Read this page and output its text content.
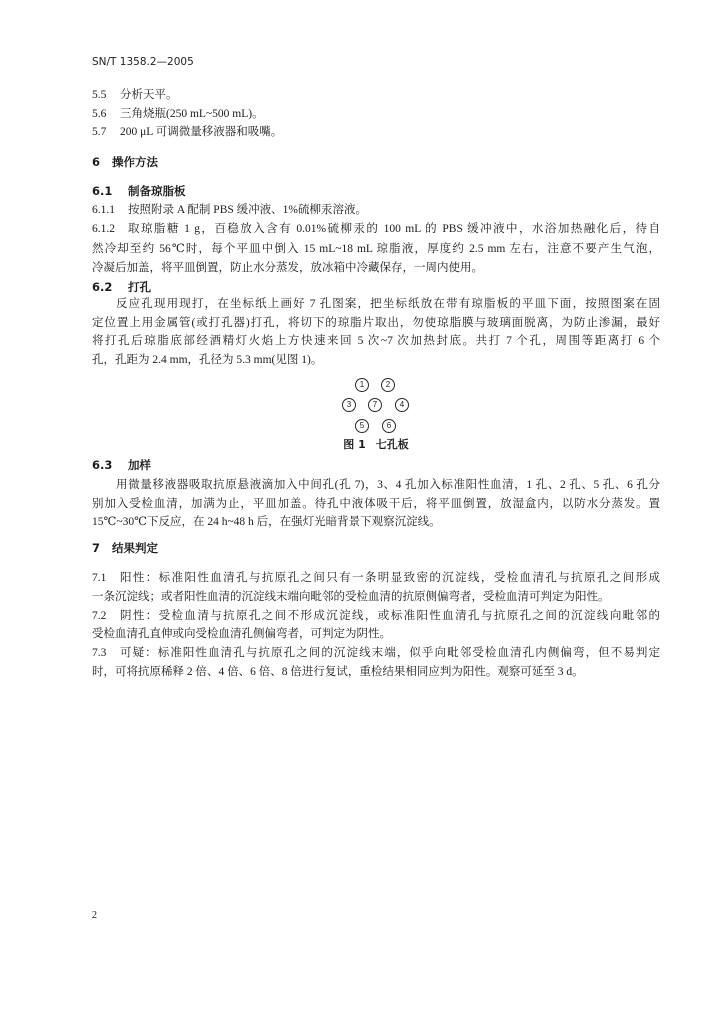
SN/T 1358.2—2005
5.5	分析天平。
5.6	三角烧瓶(250 mL~500 mL)。
5.7	200 μL 可调微量移液器和吸嘴。
6	操作方法
6.1	制备琼脂板
6.1.1	按照附录 A 配制 PBS 缓冲液、1%硫柳汞溶液。
6.1.2	取琼脂糖 1 g，百稳放入含有 0.01%硫柳汞的 100 mL 的 PBS 缓冲液中，水浴加热融化后，待自
然冷却至约 56℃时，每个平皿中倒入 15 mL~18 mL 琼脂液，厚度约 2.5 mm 左右，注意不要产生气泡，
冷凝后加盖，将平皿倒置，防止水分蒸发，放冰箱中冷藏保存，一周内使用。
6.2	打孔
反应孔现用现打，在坐标纸上画好 7 孔图案，把坐标纸放在带有琼脂板的平皿下面，按照图案在固
定位置上用金属管(或打孔器)打孔，将切下的琼脂片取出，勿使琼脂膜与玻璃面脱离，为防止渗漏，最好
将打孔后琼脂底部经酒精灯火焰上方快速来回 5 次~7 次加热封底。共打 7 个孔，周围等距离打 6 个
孔，孔距为 2.4 mm，孔径为 5.3 mm(见图 1)。
1	2
3	7	4
5	6
图 1 七孔板
6.3	加样
用微量移液器吸取抗原悬液滴加入中间孔(孔 7)，3、4 孔加入标准阳性血清，1 孔、2 孔、5 孔、6 孔分
别加入受检血清，加满为止，平皿加盖。待孔中液体吸干后，将平皿倒置，放湿盒内，以防水分蒸发。置
15℃~30℃下反应，在 24 h~48 h 后，在强灯光暗背景下观察沉淀线。
7	结果判定
7.1	阳性：标准阳性血清孔与抗原孔之间只有一条明显致密的沉淀线，受检血清孔与抗原孔之间形成
一条沉淀线；或者阳性血清的沉淀线末端向毗邻的受检血清的抗原侧偏弯者，受检血清可判定为阳性。
7.2	阴性：受检血清与抗原孔之间不形成沉淀线，或标准阳性血清孔与抗原孔之间的沉淀线向毗邻的
受检血清孔直伸或向受检血清孔侧偏弯者，可判定为阴性。
7.3	可疑：标准阳性血清孔与抗原孔之间的沉淀线末端，似乎向毗邻受检血清孔内侧偏弯，但不易判定
时，可将抗原稀释 2 倍、4 倍、6 倍、8 倍进行复试，重检结果相同应判为阳性。观察可延至 3 d。
2
